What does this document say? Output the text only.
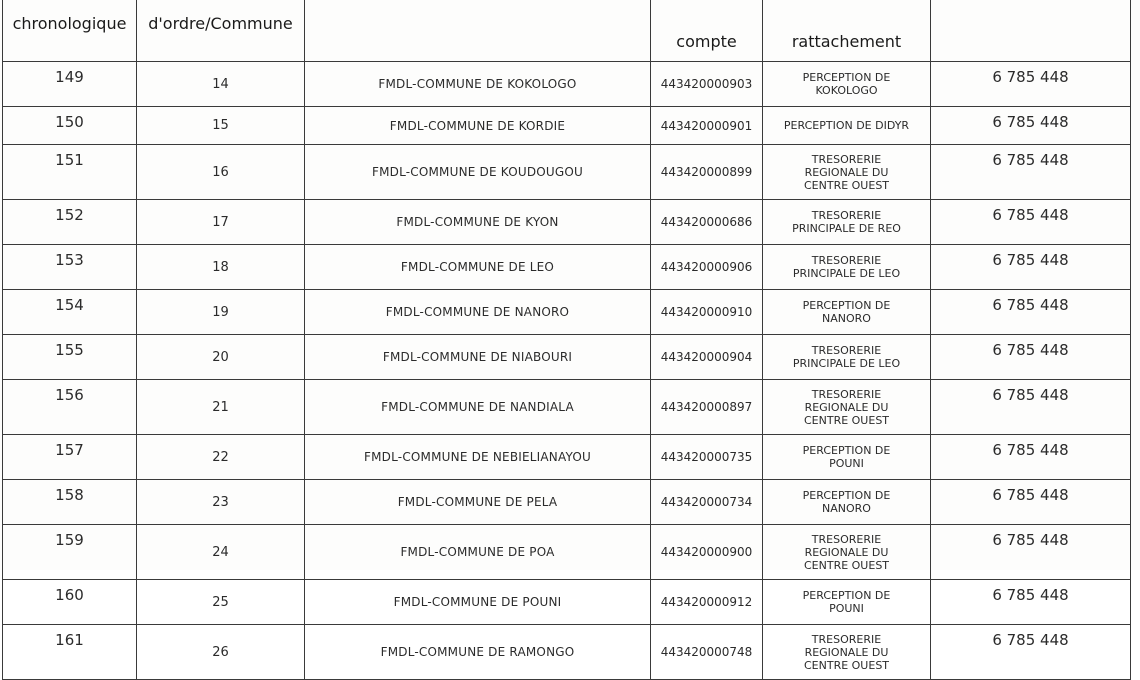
chronologique	d'ordre/Commune		compte	rattachement

149	14	FMDL-COMMUNE DE KOKOLOGO	443420000903	PERCEPTION DE
KOKOLOGO	6 785 448
150	15	FMDL-COMMUNE DE KORDIE	443420000901	PERCEPTION DE DIDYR	6 785 448
151	16	FMDL-COMMUNE DE KOUDOUGOU	443420000899	TRESORERIE
REGIONALE DU
CENTRE OUEST	6 785 448
152	17	FMDL-COMMUNE DE KYON	443420000686	TRESORERIE
PRINCIPALE DE REO	6 785 448
153	18	FMDL-COMMUNE DE LEO	443420000906	TRESORERIE
PRINCIPALE DE LEO	6 785 448
154	19	FMDL-COMMUNE DE NANORO	443420000910	PERCEPTION DE
NANORO	6 785 448
155	20	FMDL-COMMUNE DE NIABOURI	443420000904	TRESORERIE
PRINCIPALE DE LEO	6 785 448
156	21	FMDL-COMMUNE DE NANDIALA	443420000897	TRESORERIE
REGIONALE DU
CENTRE OUEST	6 785 448
157	22	FMDL-COMMUNE DE NEBIELIANAYOU	443420000735	PERCEPTION DE
POUNI	6 785 448
158	23	FMDL-COMMUNE DE PELA	443420000734	PERCEPTION DE
NANORO	6 785 448
159	24	FMDL-COMMUNE DE POA	443420000900	TRESORERIE
REGIONALE DU
CENTRE OUEST	6 785 448
160	25	FMDL-COMMUNE DE POUNI	443420000912	PERCEPTION DE
POUNI	6 785 448
161	26	FMDL-COMMUNE DE RAMONGO	443420000748	TRESORERIE
REGIONALE DU
CENTRE OUEST	6 785 448
